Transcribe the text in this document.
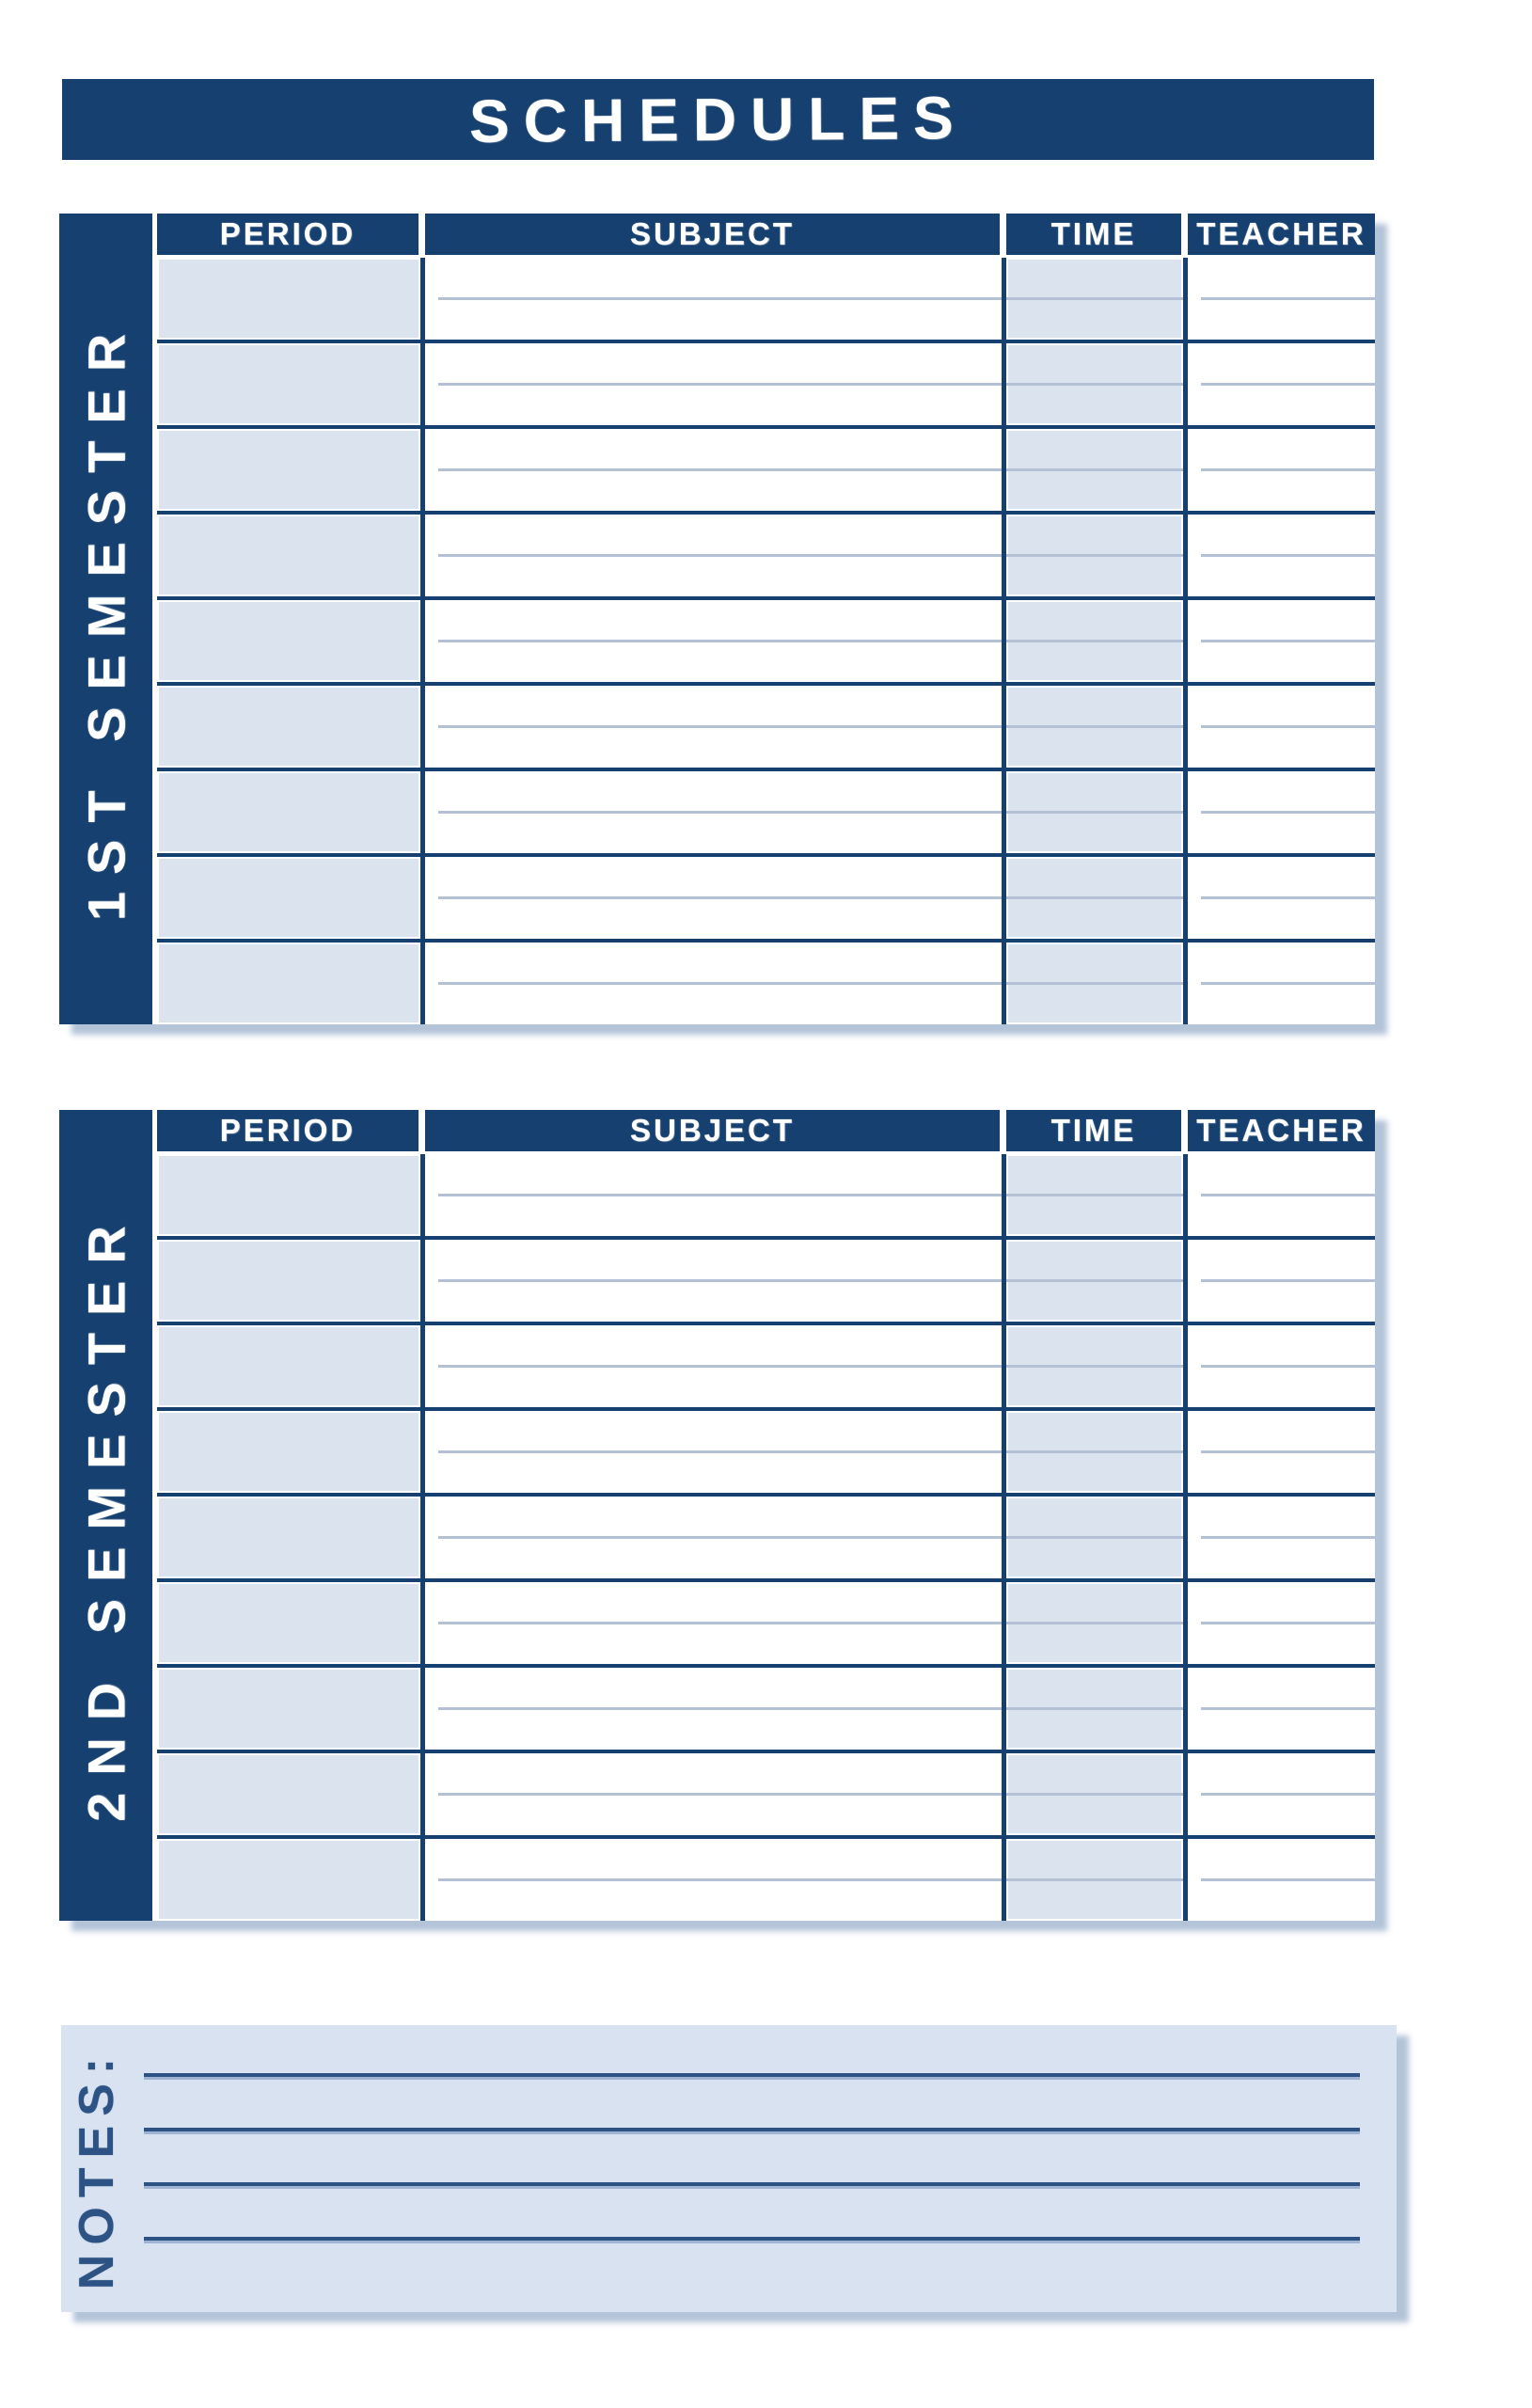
SCHEDULES
1ST SEMESTER
PERIOD	SUBJECT	TIME	TEACHER
2ND SEMESTER
PERIOD	SUBJECT	TIME	TEACHER
NOTES:
